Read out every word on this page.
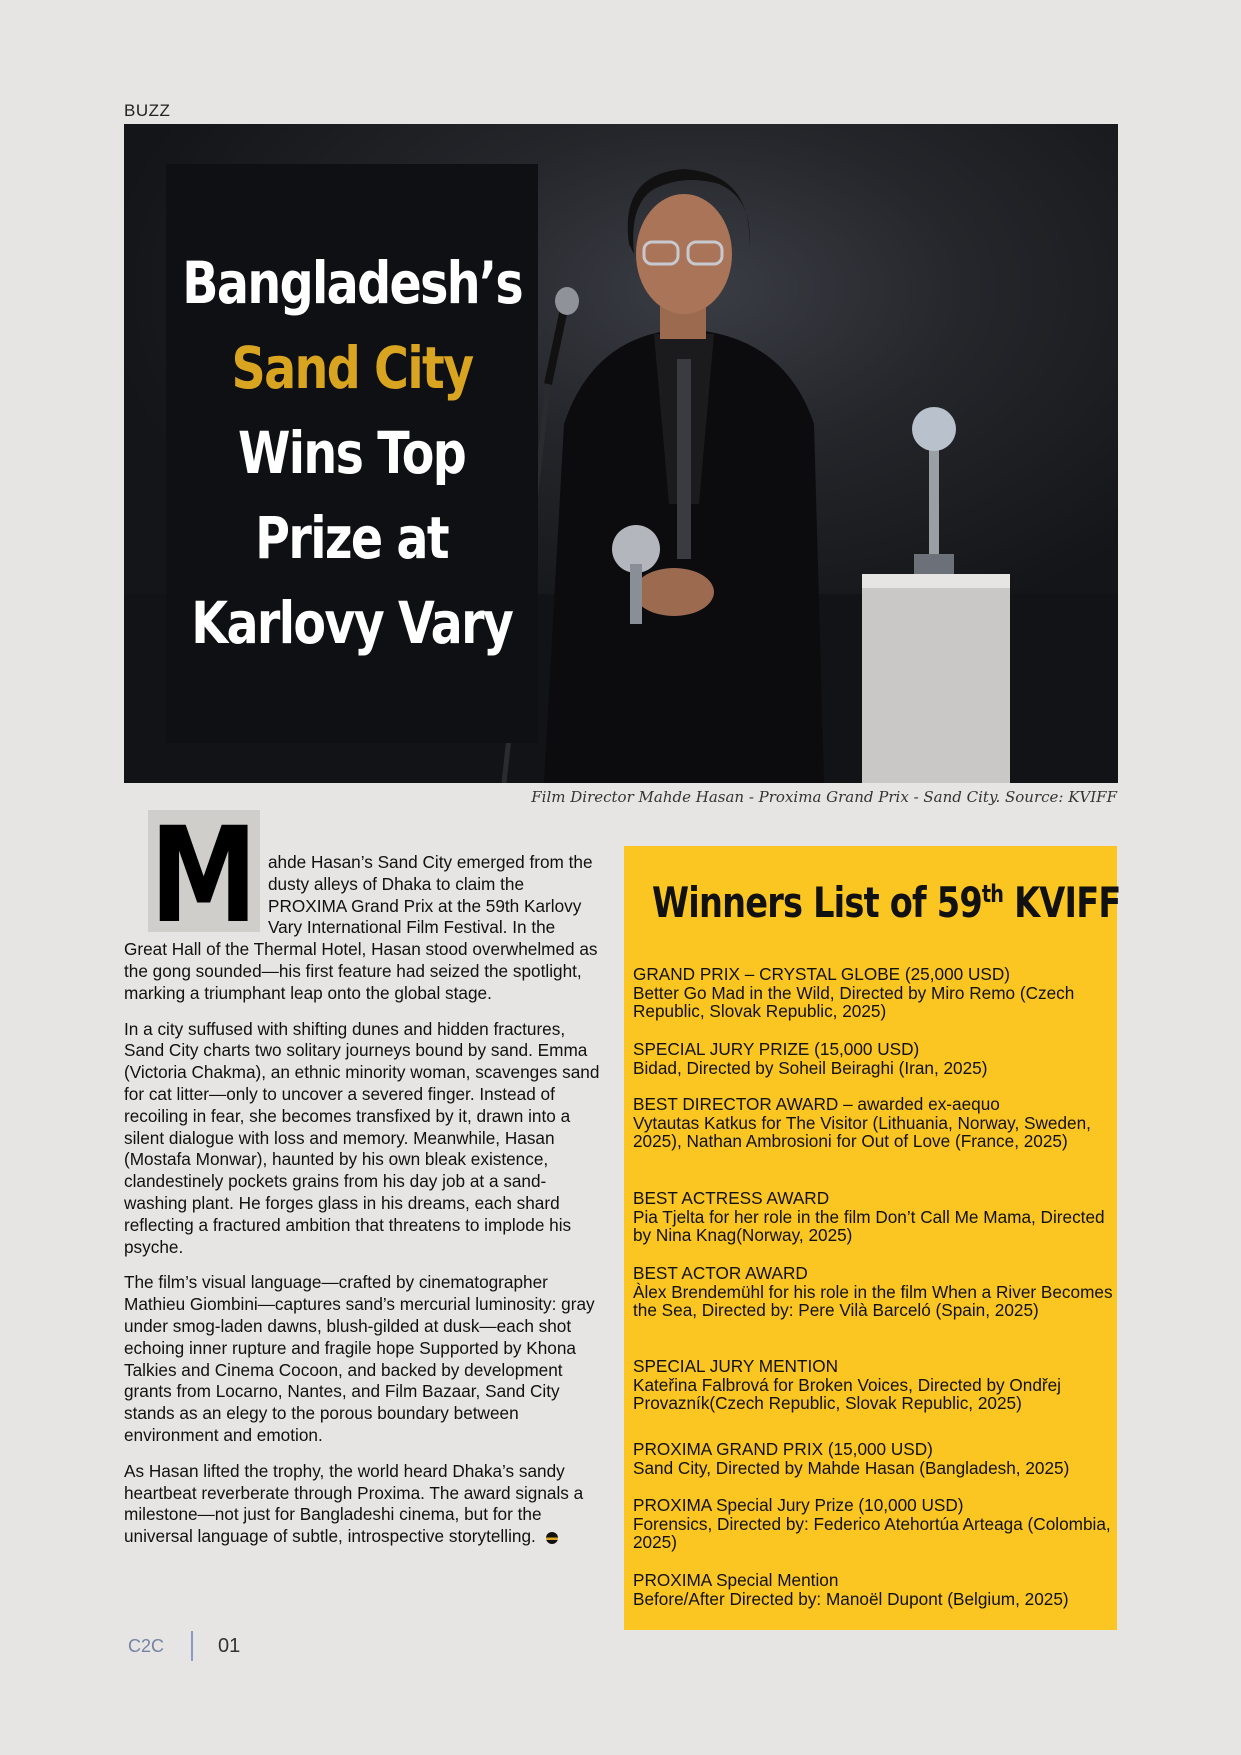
BUZZ
Bangladesh’s
Sand City
Wins Top
Prize at
Karlovy Vary
Film Director Mahde Hasan - Proxima Grand Prix - Sand City. Source: KVIFF
M ahde Hasan’s Sand City emerged from the dusty alleys of Dhaka to claim the PROXIMA Grand Prix at the 59th Karlovy Vary International Film Festival. In the Great Hall of the Thermal Hotel, Hasan stood overwhelmed as the gong sounded—his first feature had seized the spotlight, marking a triumphant leap onto the global stage.

In a city suffused with shifting dunes and hidden fractures, Sand City charts two solitary journeys bound by sand. Emma (Victoria Chakma), an ethnic minority woman, scavenges sand for cat litter—only to uncover a severed finger. Instead of recoiling in fear, she becomes transfixed by it, drawn into a silent dialogue with loss and memory. Meanwhile, Hasan (Mostafa Monwar), haunted by his own bleak existence, clandestinely pockets grains from his day job at a sand-washing plant. He forges glass in his dreams, each shard reflecting a fractured ambition that threatens to implode his psyche.

The film’s visual language—crafted by cinematographer Mathieu Giombini—captures sand’s mercurial luminosity: gray under smog-laden dawns, blush-gilded at dusk—each shot echoing inner rupture and fragile hope Supported by Khona Talkies and Cinema Cocoon, and backed by development grants from Locarno, Nantes, and Film Bazaar, Sand City stands as an elegy to the porous boundary between environment and emotion.

As Hasan lifted the trophy, the world heard Dhaka’s sandy heartbeat reverberate through Proxima. The award signals a milestone—not just for Bangladeshi cinema, but for the universal language of subtle, introspective storytelling.

Winners List of 59th KVIFF
GRAND PRIX – CRYSTAL GLOBE (25,000 USD)
Better Go Mad in the Wild, Directed by Miro Remo (Czech Republic, Slovak Republic, 2025)
SPECIAL JURY PRIZE (15,000 USD)
Bidad, Directed by Soheil Beiraghi (Iran, 2025)
BEST DIRECTOR AWARD – awarded ex-aequo
Vytautas Katkus for The Visitor (Lithuania, Norway, Sweden, 2025), Nathan Ambrosioni for Out of Love (France, 2025)
BEST ACTRESS AWARD
Pia Tjelta for her role in the film Don’t Call Me Mama, Directed by Nina Knag(Norway, 2025)
BEST ACTOR AWARD
Àlex Brendemühl for his role in the film When a River Becomes the Sea, Directed by: Pere Vilà Barceló (Spain, 2025)
SPECIAL JURY MENTION
Kateřina Falbrová for Broken Voices, Directed by Ondřej Provazník(Czech Republic, Slovak Republic, 2025)
PROXIMA GRAND PRIX (15,000 USD)
Sand City, Directed by Mahde Hasan (Bangladesh, 2025)
PROXIMA Special Jury Prize (10,000 USD)
Forensics, Directed by: Federico Atehortúa Arteaga (Colombia, 2025)
PROXIMA Special Mention
Before/After Directed by: Manoël Dupont (Belgium, 2025)
C2C	01
